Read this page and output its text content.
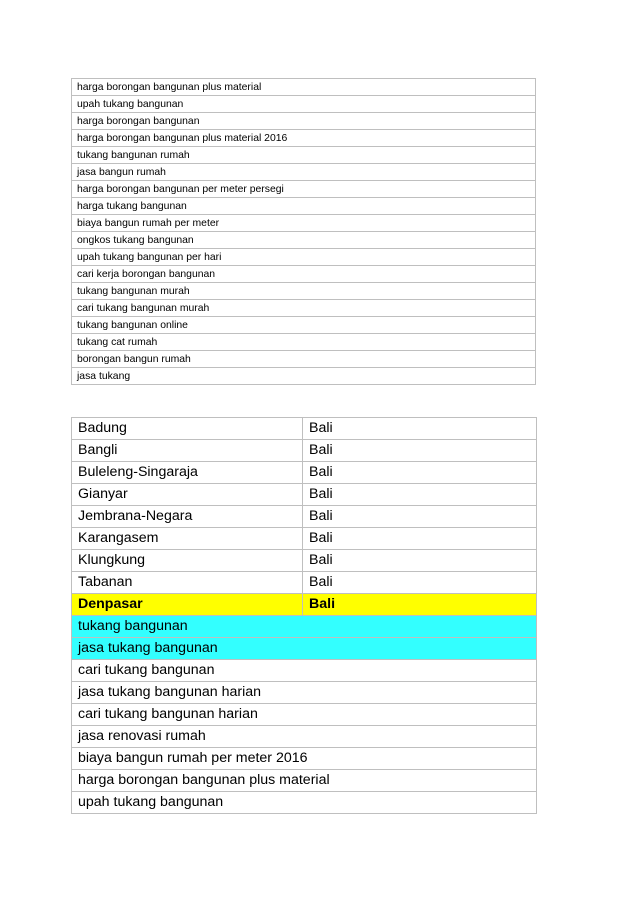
harga borongan bangunan plus material
upah tukang bangunan
harga borongan bangunan
harga borongan bangunan plus material 2016
tukang bangunan rumah
jasa bangun rumah
harga borongan bangunan per meter persegi
harga tukang bangunan
biaya bangun rumah per meter
ongkos tukang bangunan
upah tukang bangunan per hari
cari kerja borongan bangunan
tukang bangunan murah
cari tukang bangunan murah
tukang bangunan online
tukang cat rumah
borongan bangun rumah
jasa tukang
Badung	Bali
Bangli	Bali
Buleleng-Singaraja	Bali
Gianyar	Bali
Jembrana-Negara	Bali
Karangasem	Bali
Klungkung	Bali
Tabanan	Bali
Denpasar	Bali
tukang bangunan	
jasa tukang bangunan	
cari tukang bangunan	
jasa tukang bangunan harian	
cari tukang bangunan harian	
jasa renovasi rumah	
biaya bangun rumah per meter 2016	
harga borongan bangunan plus material	
upah tukang bangunan	
